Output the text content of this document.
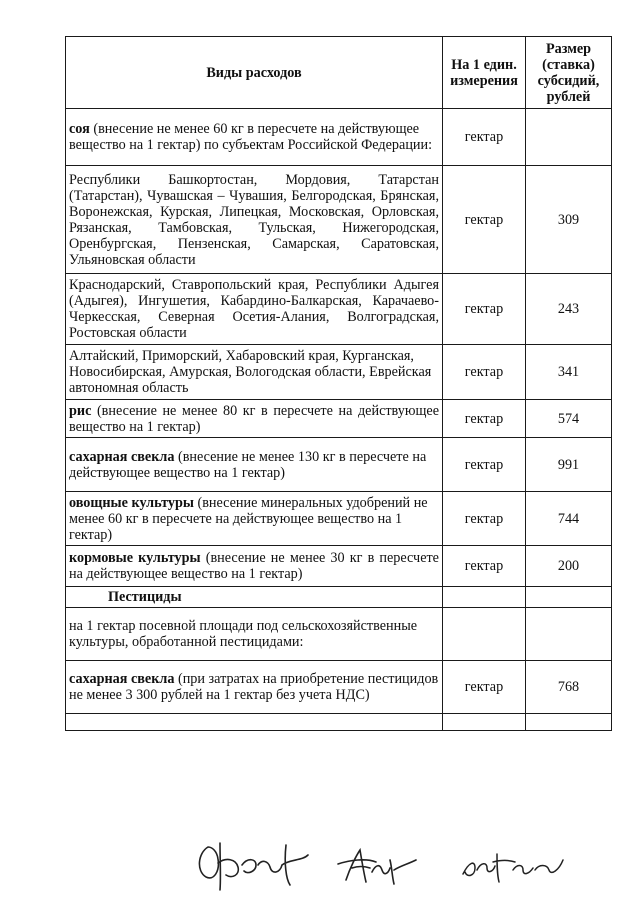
Виды расходов	На 1 един. измерения	Размер (ставка) субсидий, рублей
соя (внесение не менее 60 кг в пересчете на действующее вещество на 1 гектар) по субъектам Российской Федерации:	гектар	
Республики Башкортостан, Мордовия, Татарстан (Татарстан), Чувашская – Чувашия, Белгородская, Брянская, Воронежская, Курская, Липецкая, Московская, Орловская, Рязанская, Тамбовская, Тульская, Нижегородская, Оренбургская, Пензенская, Самарская, Саратовская, Ульяновская области	гектар	309
Краснодарский, Ставропольский края, Республики Адыгея (Адыгея), Ингушетия, Кабардино-Балкарская, Карачаево-Черкесская, Северная Осетия-Алания, Волгоградская, Ростовская области	гектар	243
Алтайский, Приморский, Хабаровский края, Курганская, Новосибирская, Амурская, Вологодская области, Еврейская автономная область	гектар	341
рис (внесение не менее 80 кг в пересчете на действующее вещество на 1 гектар)	гектар	574
сахарная свекла (внесение не менее 130 кг в пересчете на действующее вещество на 1 гектар)	гектар	991
овощные культуры (внесение минеральных удобрений не менее 60 кг в пересчете на действующее вещество на 1 гектар)	гектар	744
кормовые культуры (внесение не менее 30 кг в пересчете на действующее вещество на 1 гектар)	гектар	200
Пестициды		
на 1 гектар посевной площади под сельскохозяйственные культуры, обработанной пестицидами:		
сахарная свекла (при затратах на приобретение пестицидов не менее 3 300 рублей на 1 гектар без учета НДС)	гектар	768
